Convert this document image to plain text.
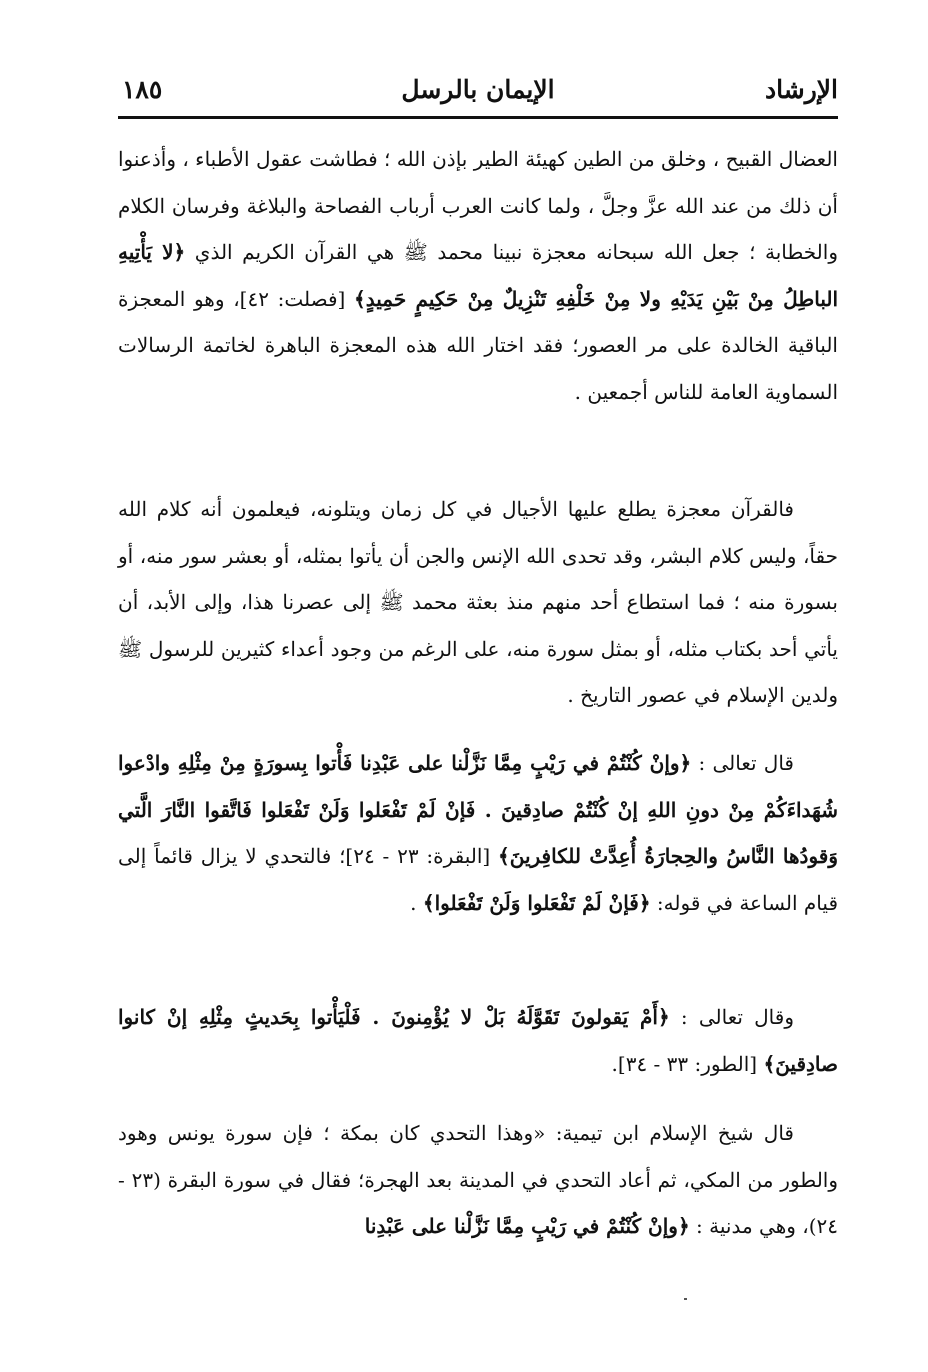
الإرشاد
الإيمان بالرسل
١٨٥

العضال القبيح ، وخلق من الطين كهيئة الطير بإذن الله ؛ فطاشت عقول الأطباء ، وأذعنوا أن ذلك من عند الله عزَّ وجلَّ ، ولما كانت العرب أرباب الفصاحة والبلاغة وفرسان الكلام والخطابة ؛ جعل الله سبحانه معجزة نبينا محمد ﷺ هي القرآن الكريم الذي ﴿لا يَأْتِيهِ الباطِلُ مِنْ بَيْنِ يَدَيْهِ ولا مِنْ خَلْفِهِ تَنْزِيلٌ مِنْ حَكِيمٍ حَمِيدٍ﴾ [فصلت: ٤٢]، وهو المعجزة الباقية الخالدة على مر العصور؛ فقد اختار الله هذه المعجزة الباهرة لخاتمة الرسالات السماوية العامة للناس أجمعين .

فالقرآن معجزة يطلع عليها الأجيال في كل زمان ويتلونه، فيعلمون أنه كلام الله حقاً، وليس كلام البشر، وقد تحدى الله الإنس والجن أن يأتوا بمثله، أو بعشر سور منه، أو بسورة منه ؛ فما استطاع أحد منهم منذ بعثة محمد ﷺ إلى عصرنا هذا، وإلى الأبد، أن يأتي أحد بكتاب مثله، أو بمثل سورة منه، على الرغم من وجود أعداء كثيرين للرسول ﷺ ولدين الإسلام في عصور التاريخ .

قال تعالى : ﴿وإنْ كُنْتُمْ في رَيْبٍ مِمَّا نَزَّلْنا على عَبْدِنا فَأْتوا بِسورَةٍ مِنْ مِثْلِهِ وادْعوا شُهَداءَكُمْ مِنْ دونِ اللهِ إنْ كُنْتُمْ صادِقينَ . فَإنْ لَمْ تَفْعَلوا وَلَنْ تَفْعَلوا فَاتَّقوا النَّارَ الَّتي وَقودُها النَّاسُ والحِجارَةُ أُعِدَّتْ للكافِرينَ﴾ [البقرة: ٢٣ - ٢٤]؛ فالتحدي لا يزال قائماً إلى قيام الساعة في قوله: ﴿فَإنْ لَمْ تَفْعَلوا وَلَنْ تَفْعَلوا﴾ .

وقال تعالى : ﴿أَمْ يَقولونَ تَقَوَّلَهُ بَلْ لا يُؤْمِنونَ . فَلْيَأْتوا بِحَديثٍ مِثْلِهِ إنْ كانوا صادِقينَ﴾ [الطور: ٣٣ - ٣٤].

قال شيخ الإسلام ابن تيمية: «وهذا التحدي كان بمكة ؛ فإن سورة يونس وهود والطور من المكي، ثم أعاد التحدي في المدينة بعد الهجرة؛ فقال في سورة البقرة (٢٣ - ٢٤)، وهي مدنية : ﴿وإنْ كُنْتُمْ في رَيْبٍ مِمَّا نَزَّلْنا على عَبْدِنا
